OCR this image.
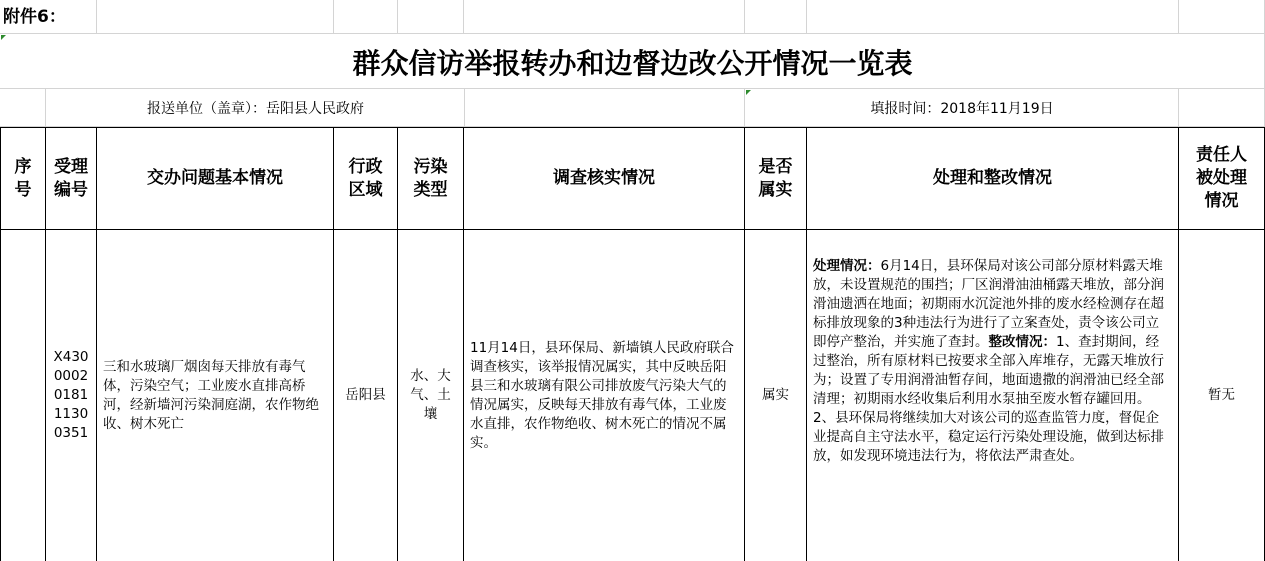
附件6：
群众信访举报转办和边督边改公开情况一览表
报送单位（盖章）：岳阳县人民政府	填报时间：2018年11月19日
序
号
受理
编号
交办问题基本情况
行政
区域
污染
类型
调查核实情况
是否
属实
处理和整改情况
责任人
被处理
情况
X430
0002
0181
1130
0351
三和水玻璃厂烟囱每天排放有毒气体，污染空气；工业废水直排高桥河，经新墙河污染洞庭湖，农作物绝收、树木死亡
岳阳县
水、大
气、土
壤
11月14日，县环保局、新墙镇人民政府联合调查核实，该举报情况属实，其中反映岳阳县三和水玻璃有限公司排放废气污染大气的情况属实，反映每天排放有毒气体，工业废水直排，农作物绝收、树木死亡的情况不属实。
属实
处理情况：6月14日，县环保局对该公司部分原材料露天堆放，未设置规范的围挡；厂区润滑油油桶露天堆放，部分润滑油遗洒在地面；初期雨水沉淀池外排的废水经检测存在超标排放现象的3种违法行为进行了立案查处，责令该公司立即停产整治，并实施了查封。整改情况：1、查封期间，经过整治，所有原材料已按要求全部入库堆存，无露天堆放行为；设置了专用润滑油暂存间，地面遗撒的润滑油已经全部清理；初期雨水经收集后利用水泵抽至废水暂存罐回用。2、县环保局将继续加大对该公司的巡查监管力度，督促企业提高自主守法水平，稳定运行污染处理设施，做到达标排放，如发现环境违法行为，将依法严肃查处。
暂无
